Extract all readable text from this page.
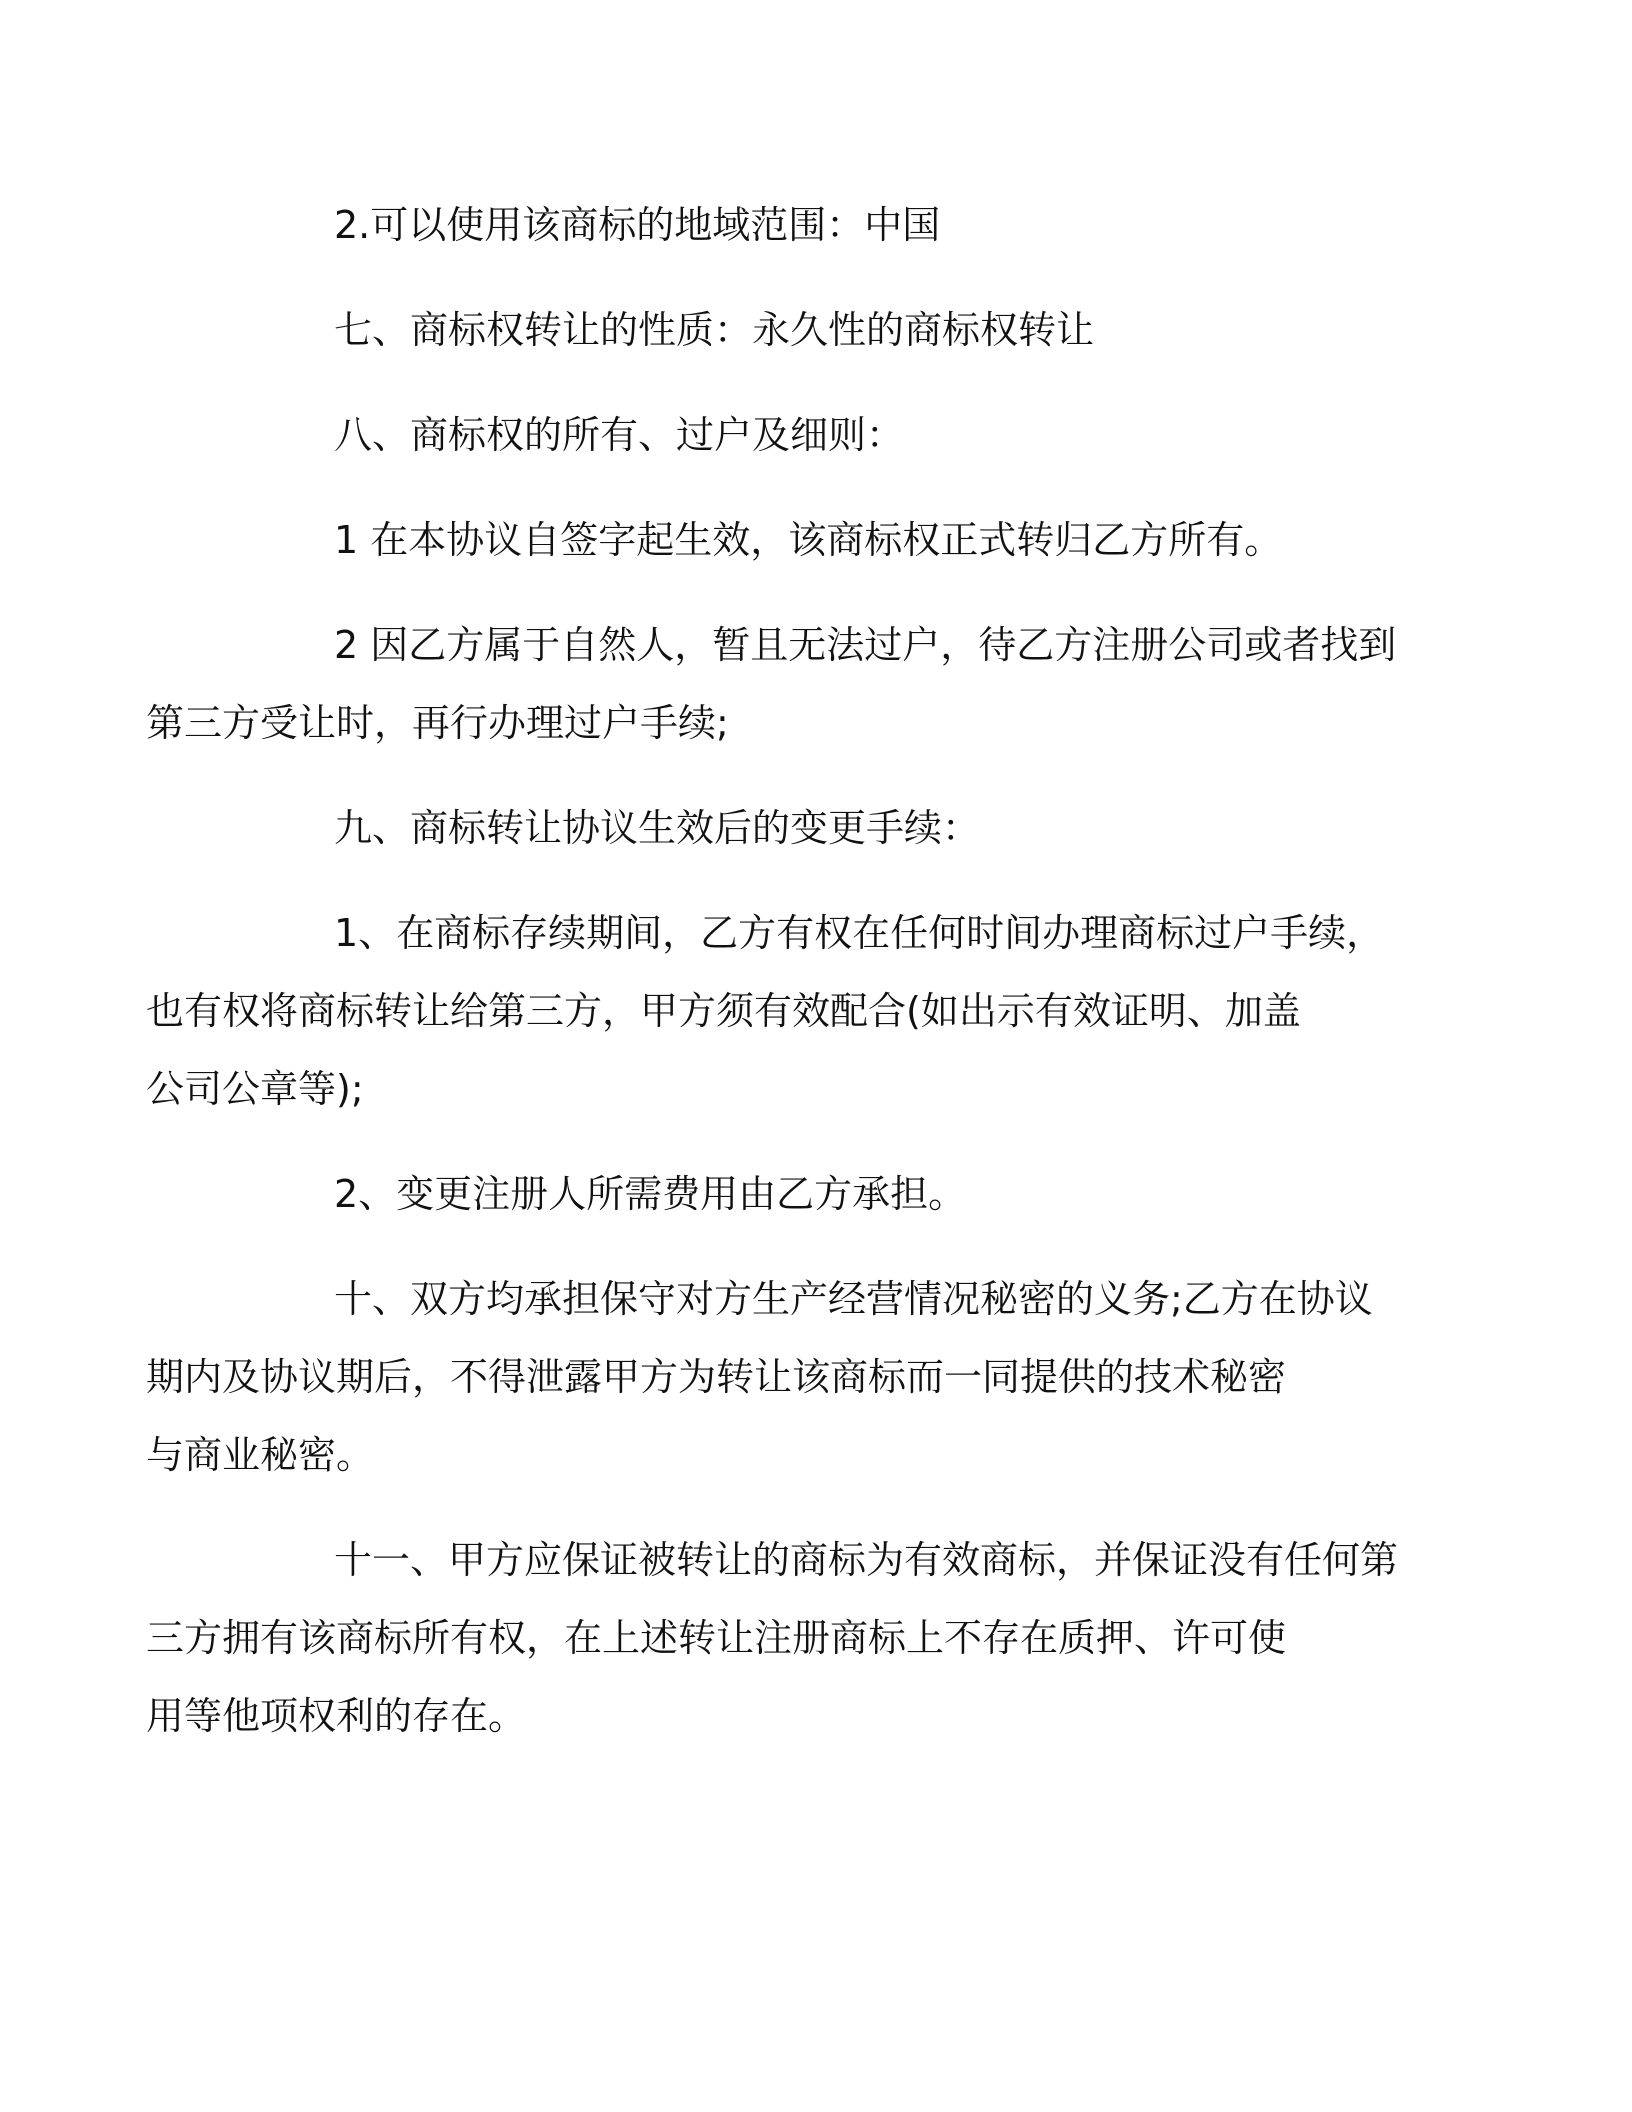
2.可以使用该商标的地域范围：中国

七、商标权转让的性质：永久性的商标权转让

八、商标权的所有、过户及细则：

1 在本协议自签字起生效，该商标权正式转归乙方所有。

2 因乙方属于自然人，暂且无法过户，待乙方注册公司或者找到
第三方受让时，再行办理过户手续;

九、商标转让协议生效后的变更手续：

1、在商标存续期间，乙方有权在任何时间办理商标过户手续，
也有权将商标转让给第三方，甲方须有效配合(如出示有效证明、加盖
公司公章等);

2、变更注册人所需费用由乙方承担。

十、双方均承担保守对方生产经营情况秘密的义务;乙方在协议
期内及协议期后，不得泄露甲方为转让该商标而一同提供的技术秘密
与商业秘密。

十一、甲方应保证被转让的商标为有效商标，并保证没有任何第
三方拥有该商标所有权，在上述转让注册商标上不存在质押、许可使
用等他项权利的存在。
